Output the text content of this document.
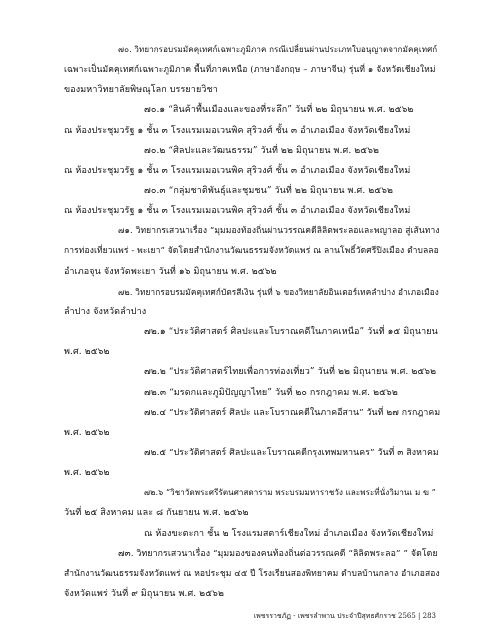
๗๐. วิทยากรอบรมมัคคุเทศก์เฉพาะภูมิภาค กรณีเปลี่ยนผ่านประเภทใบอนุญาตจากมัคคุเทศก์
เฉพาะเป็นมัคคุเทศก์เฉพาะภูมิภาค พื้นที่ภาคเหนือ (ภาษาอังกฤษ – ภาษาจีน) รุ่นที่ ๑ จังหวัดเชียงใหม่
ของมหาวิทยาลัยพิษณุโลก บรรยายวิชา
๗๐.๑ “สินค้าพื้นเมืองและของที่ระลึก” วันที่ ๒๒ มิถุนายน พ.ศ. ๒๕๖๒
ณ ห้องประชุมวรัฐ ๑ ชั้น ๓ โรงแรมเมอเวนพิค สุริวงศ์ ชั้น ๓ อำเภอเมือง จังหวัดเชียงใหม่
๗๐.๒ “ศิลปะและวัฒนธรรม” วันที่ ๒๒ มิถุนายน พ.ศ. ๒๕๖๒
ณ ห้องประชุมวรัฐ ๑ ชั้น ๓ โรงแรมเมอเวนพิค สุริวงศ์ ชั้น ๓ อำเภอเมือง จังหวัดเชียงใหม่
๗๐.๓ “กลุ่มชาติพันธุ์และชุมชน” วันที่ ๒๒ มิถุนายน พ.ศ. ๒๕๖๒
ณ ห้องประชุมวรัฐ ๑ ชั้น ๓ โรงแรมเมอเวนพิค สุริวงศ์ ชั้น ๓ อำเภอเมือง จังหวัดเชียงใหม่
๗๑. วิทยากรเสวนาเรื่อง “มุมมองท้องถิ่นผ่านวรรณคดีลิลิตพระลอและพญาลอ สู่เส้นทาง
การท่องเที่ยวแพร่ - พะเยา” จัดโดยสำนักงานวัฒนธรรมจังหวัดแพร่ ณ ลานโพธิ์วัดศรีปิงเมือง ตำบลลอ
อำเภอจุน จังหวัดพะเยา วันที่ ๑๖ มิถุนายน พ.ศ. ๒๕๖๒
๗๒. วิทยากรอบรมมัคคุเทศก์บัตรสีเงิน รุ่นที่ ๖ ของวิทยาลัยอินเตอร์เทคลำปาง อำเภอเมือง
ลำปาง จังหวัดลำปาง
๗๒.๑ “ประวัติศาสตร์ ศิลปะและโบราณคดีในภาคเหนือ” วันที่ ๑๕ มิถุนายน
พ.ศ. ๒๕๖๒
๗๒.๒ “ประวัติศาสตร์ไทยเพื่อการท่องเที่ยว” วันที่ ๒๒ มิถุนายน พ.ศ. ๒๕๖๒
๗๒.๓ “มรดกและภูมิปัญญาไทย” วันที่ ๒๐ กรกฎาคม พ.ศ. ๒๕๖๒
๗๒.๔ “ประวัติศาสตร์ ศิลปะ และโบราณคดีในภาคอีสาน” วันที่ ๒๗ กรกฎาคม
พ.ศ. ๒๕๖๒
๗๒.๕ “ประวัติศาสตร์ ศิลปะและโบราณคดีกรุงเทพมหานคร” วันที่ ๓ สิงหาคม
พ.ศ. ๒๕๖๒
๗๒.๖ “วิชาวัดพระศรีรัตนศาสดาราม พระบรมมหาราชวัง และพระที่นั่งวิมานเ ม ฆ ”
วันที่ ๒๕ สิงหาคม และ ๘ กันยายน พ.ศ. ๒๕๖๒
ณ ห้องขะตะกา ชั้น ๒ โรงแรมสตาร์เชียงใหม่ อำเภอเมือง จังหวัดเชียงใหม่
๗๓. วิทยากรเสวนาเรื่อง “มุมมองของคนท้องถิ่นต่อวรรณคดี “ลิลิตพระลอ” ” จัดโดย
สำนักงานวัฒนธรรมจังหวัดแพร่ ณ หอประชุม ๔๕ ปี โรงเรียนสองพิทยาคม ตำบลบ้านกลาง อำเภอสอง
จังหวัดแพร่ วันที่ ๙ มิถุนายน พ.ศ. ๒๕๖๒
เพชรราชภัฏ - เพชรลำพาน ประจำปีสุทธศักราช 2565 | 283
